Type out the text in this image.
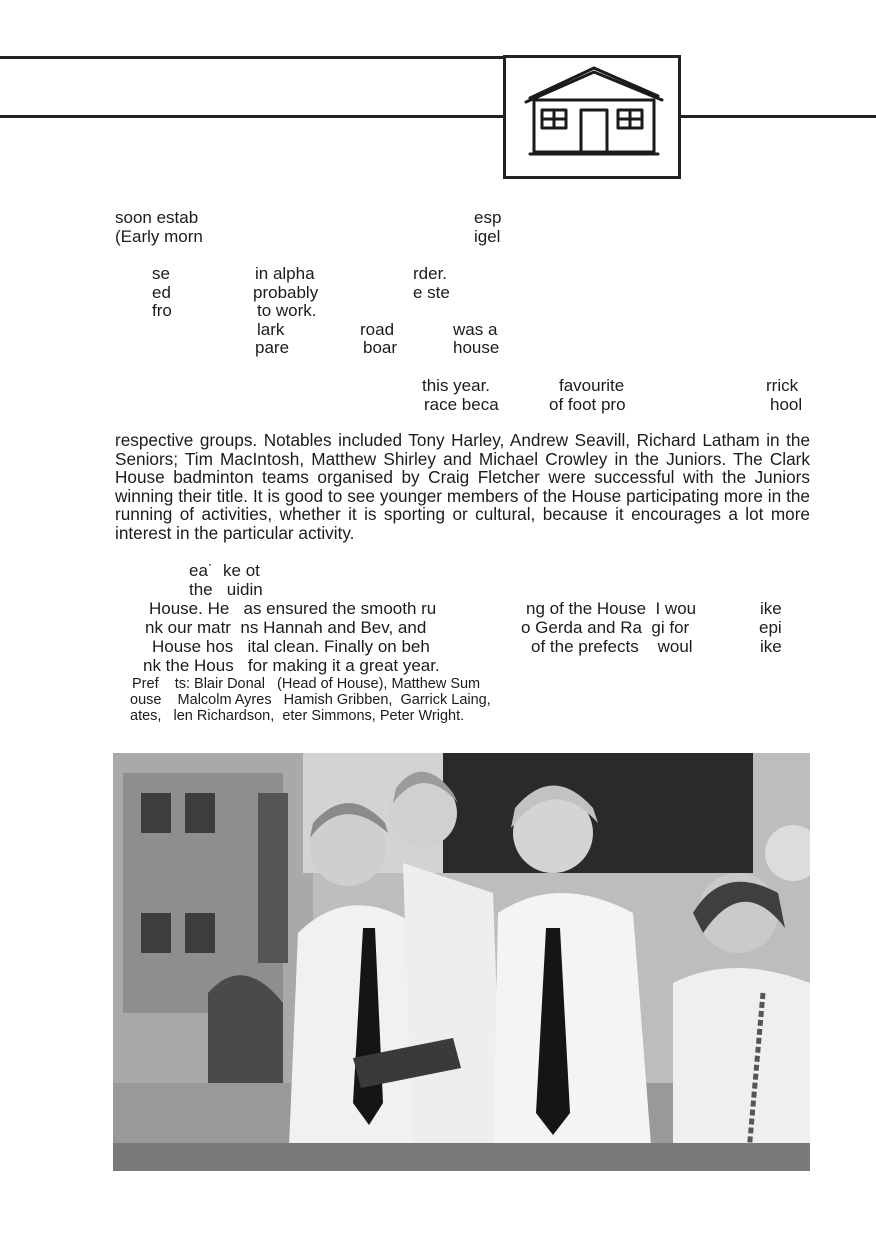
soon estab
(Early morn
esp
igel
se
ed
fro
in alpha
probably
to work.
rder.
e ste
lark
pare
road
boar
was a
house
this year.
race beca
favourite
of foot pro
rrick
hool

respective groups. Notables included Tony Harley, Andrew Seavill, Richard Latham in the Seniors; Tim MacIntosh, Matthew Shirley and Michael Crowley in the Juniors. The Clark House badminton teams organised by Craig Fletcher were successful with the Juniors winning their title. It is good to see younger members of the House participating more in the running of activities, whether it is sporting or cultural, because it encourages a lot more interest in the particular activity.

ea˙  ke ot
the   uidin
House. He   as ensured the smooth ru	ng of the House  I wou	ike
nk our matr  ns Hannah and Bev, and	o Gerda and Ra  gi for	epi
House hos   ital clean. Finally on beh	of the prefects    woul	ike
nk the Hous   for making it a great year.
Pref    ts: Blair Donal   (Head of House), Matthew Sum
ouse    Malcolm Ayres   Hamish Gribben,  Garrick Laing,
ates,   len Richardson,  eter Simmons, Peter Wright.
